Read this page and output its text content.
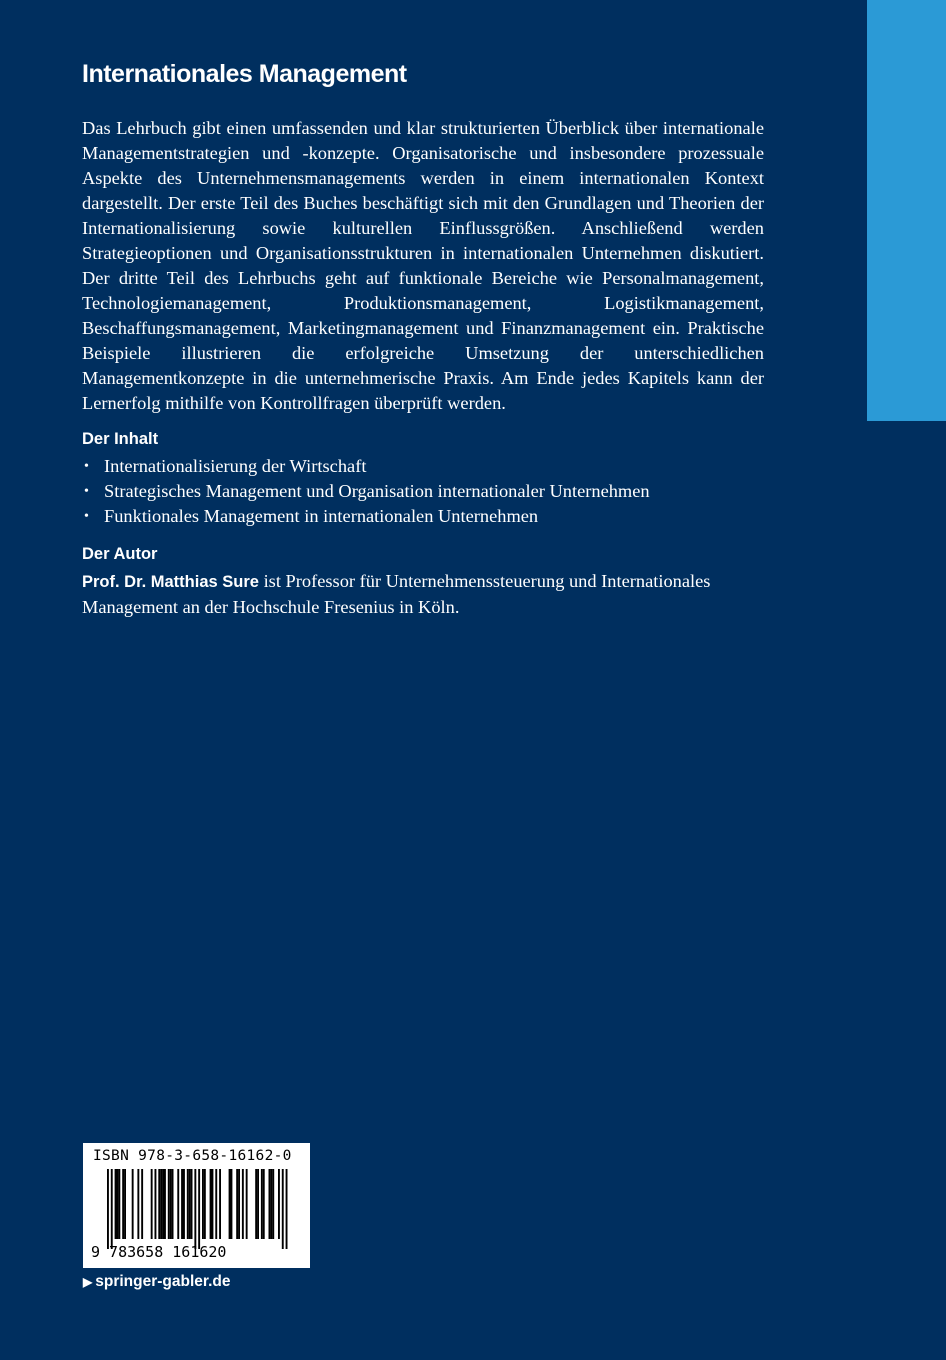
Internationales Management

Das Lehrbuch gibt einen umfassenden und klar strukturierten Überblick über internationale Managementstrategien und -konzepte. Organisatorische und insbesondere prozessuale Aspekte des Unternehmensmanagements werden in einem internationalen Kontext dargestellt. Der erste Teil des Buches beschäftigt sich mit den Grundlagen und Theorien der Internationalisierung sowie kulturellen Einflussgrößen. Anschließend werden Strategieoptionen und Organisationsstrukturen in internationalen Unternehmen diskutiert. Der dritte Teil des Lehrbuchs geht auf funktionale Bereiche wie Personalmanagement, Technologiemanagement, Produktionsmanagement, Logistikmanagement, Beschaffungsmanagement, Marketingmanagement und Finanzmanagement ein. Praktische Beispiele illustrieren die erfolgreiche Umsetzung der unterschiedlichen Managementkonzepte in die unternehmerische Praxis. Am Ende jedes Kapitels kann der Lernerfolg mithilfe von Kontrollfragen überprüft werden.

Der Inhalt
• Internationalisierung der Wirtschaft
• Strategisches Management und Organisation internationaler Unternehmen
• Funktionales Management in internationalen Unternehmen
Der Autor

Prof. Dr. Matthias Sure ist Professor für Unternehmenssteuerung und Internationales Management an der Hochschule Fresenius in Köln.

ISBN 978-3-658-16162-0
9 783658 161620
▶ springer-gabler.de
